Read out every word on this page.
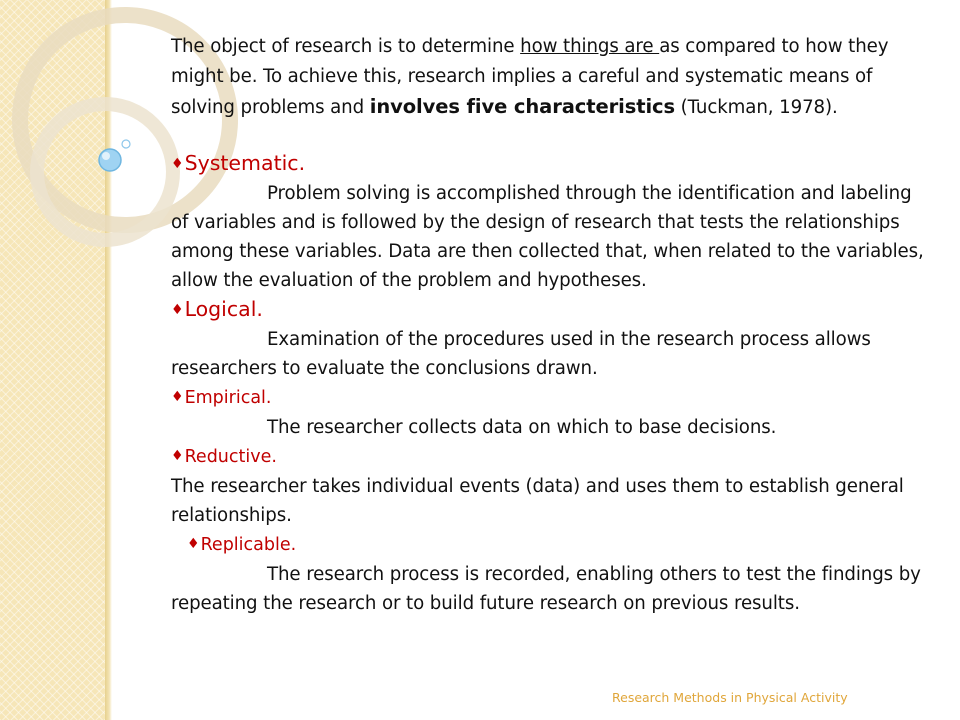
The object of research is to determine how things are as compared to how they might be. To achieve this, research implies a careful and systematic means of solving problems and involves five characteristics (Tuckman, 1978).

♦Systematic.

Problem solving is accomplished through the identification and labeling of variables and is followed by the design of research that tests the relationships among these variables. Data are then collected that, when related to the variables, allow the evaluation of the problem and hypotheses.

♦Logical.

Examination of the procedures used in the research process allows researchers to evaluate the conclusions drawn.

♦Empirical.

The researcher collects data on which to base decisions.

♦Reductive.

The researcher takes individual events (data) and uses them to establish general relationships.

♦Replicable.

The research process is recorded, enabling others to test the findings by repeating the research or to build future research on previous results.

Research Methods in Physical Activity
